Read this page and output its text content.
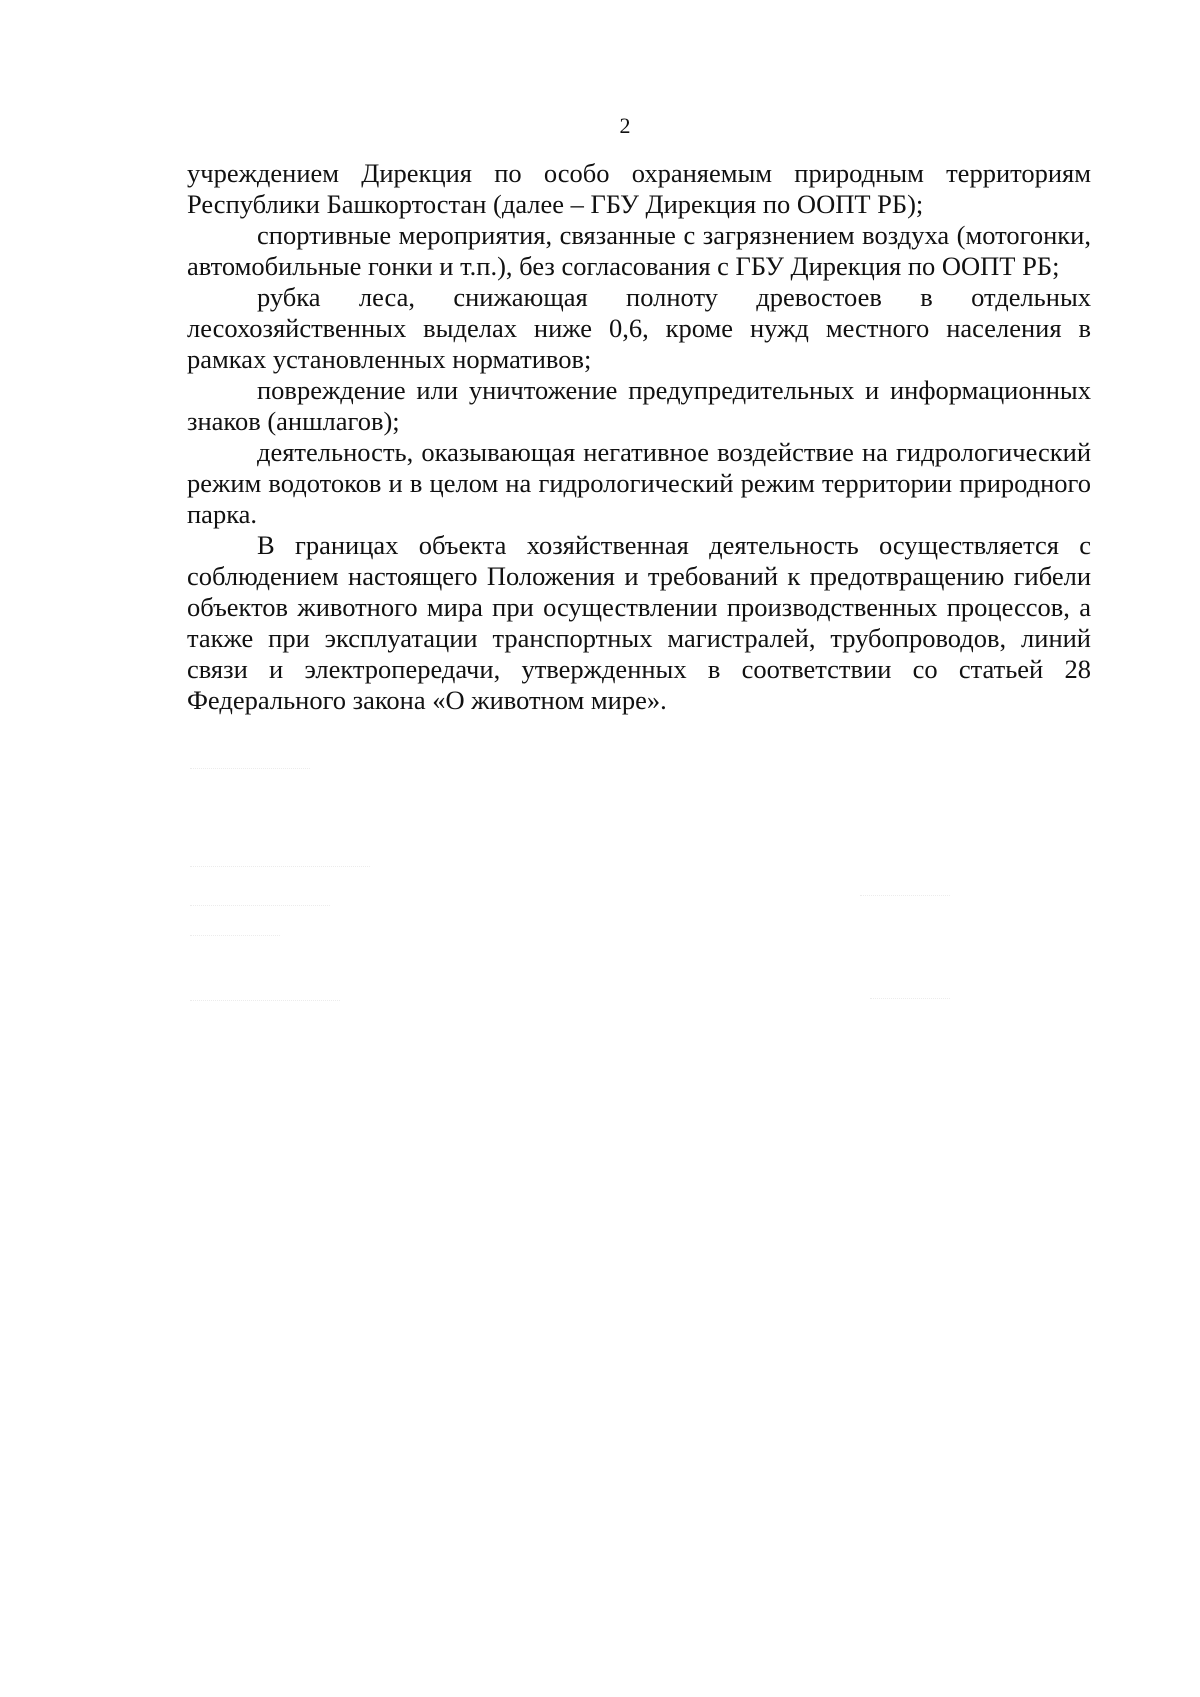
2

учреждением Дирекция по особо охраняемым природным территориям Республики Башкортостан (далее – ГБУ Дирекция по ООПТ РБ);

спортивные мероприятия, связанные с загрязнением воздуха (мотогонки, автомобильные гонки и т.п.), без согласования с ГБУ Дирекция по ООПТ РБ;

рубка леса, снижающая полноту древостоев в отдельных лесохозяйственных выделах ниже 0,6, кроме нужд местного населения в рамках установленных нормативов;

повреждение или уничтожение предупредительных и информационных знаков (аншлагов);

деятельность, оказывающая негативное воздействие на гидрологический режим водотоков и в целом на гидрологический режим территории природного парка.

В границах объекта хозяйственная деятельность осуществляется с соблюдением настоящего Положения и требований к предотвращению гибели объектов животного мира при осуществлении производственных процессов, а также при эксплуатации транспортных магистралей, трубопроводов, линий связи и электропередачи, утвержденных в соответствии со статьей 28 Федерального закона «О животном мире».
